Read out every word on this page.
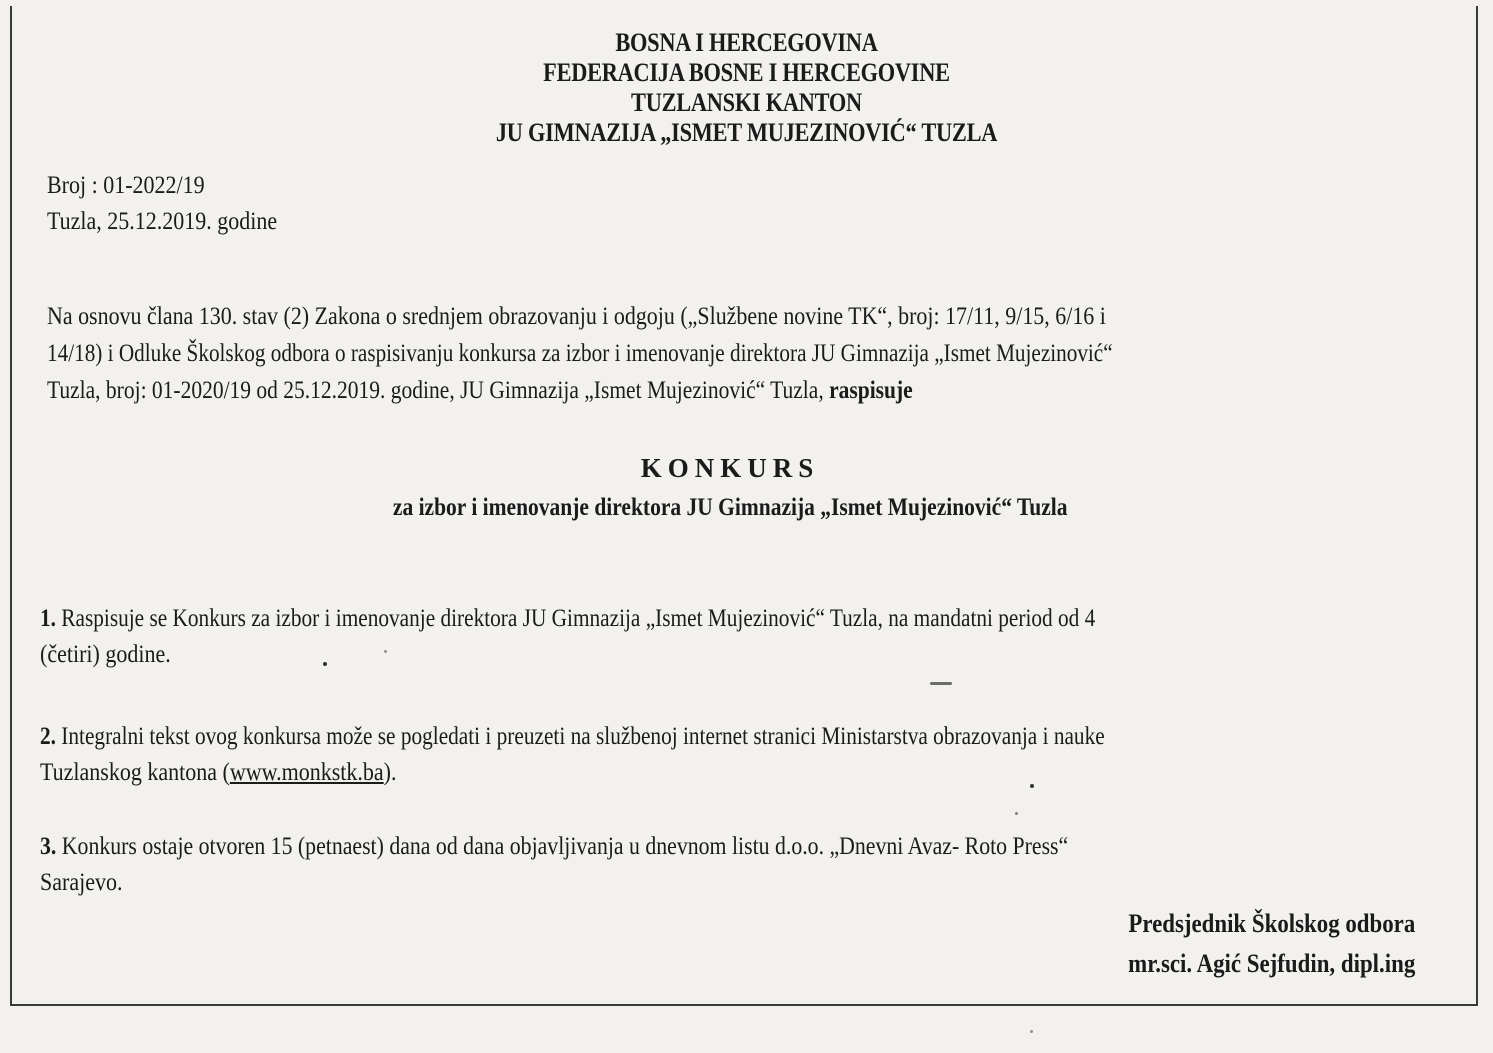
BOSNA I HERCEGOVINA
FEDERACIJA BOSNE I HERCEGOVINE
TUZLANSKI KANTON
JU GIMNAZIJA „ISMET MUJEZINOVIĆ“ TUZLA
Broj : 01-2022/19
Tuzla, 25.12.2019. godine
Na osnovu člana 130. stav (2) Zakona o srednjem obrazovanju i odgoju („Službene novine TK“, broj: 17/11, 9/15, 6/16 i
14/18) i Odluke Školskog odbora o raspisivanju konkursa za izbor i imenovanje direktora JU Gimnazija „Ismet Mujezinović“
Tuzla, broj: 01-2020/19 od 25.12.2019. godine, JU Gimnazija „Ismet Mujezinović“ Tuzla, raspisuje
KONKURS
za izbor i imenovanje direktora JU Gimnazija „Ismet Mujezinović“ Tuzla
1. Raspisuje se Konkurs za izbor i imenovanje direktora JU Gimnazija „Ismet Mujezinović“ Tuzla, na mandatni period od 4
(četiri) godine.
2. Integralni tekst ovog konkursa može se pogledati i preuzeti na službenoj internet stranici Ministarstva obrazovanja i nauke
Tuzlanskog kantona (www.monkstk.ba).
3. Konkurs ostaje otvoren 15 (petnaest) dana od dana objavljivanja u dnevnom listu d.o.o. „Dnevni Avaz- Roto Press“
Sarajevo.
Predsjednik Školskog odbora
mr.sci. Agić Sejfudin, dipl.ing
